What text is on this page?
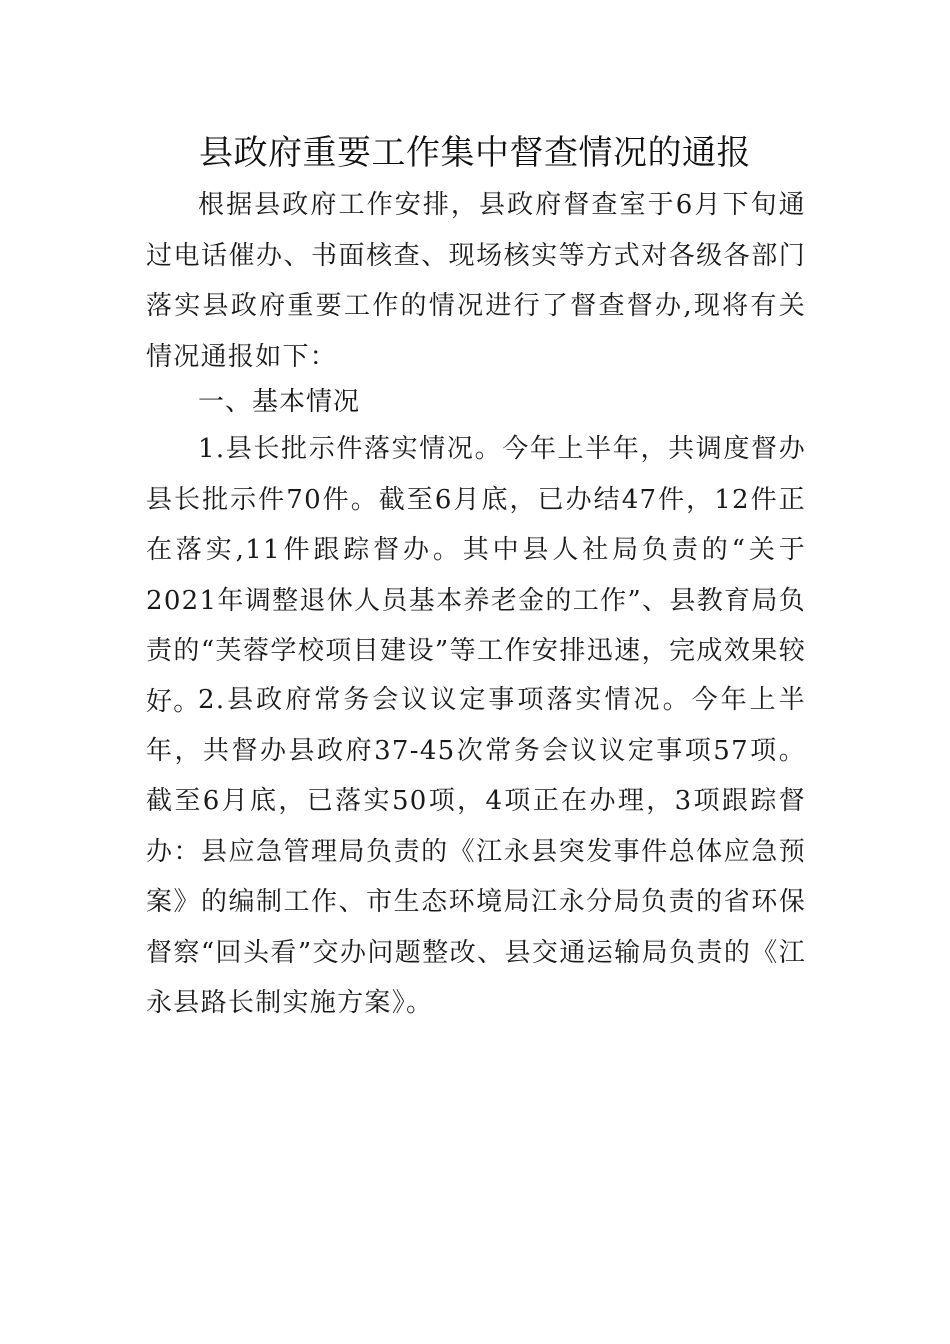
县政府重要工作集中督查情况的通报

根据县政府工作安排，县政府督查室于6月下旬通过电话催办、书面核查、现场核实等方式对各级各部门落实县政府重要工作的情况进行了督查督办,现将有关情况通报如下：

一、基本情况

1.县长批示件落实情况。今年上半年，共调度督办县长批示件70件。截至6月底，已办结47件，12件正在落实,11件跟踪督办。其中县人社局负责的“关于2021年调整退休人员基本养老金的工作”、县教育局负责的“芙蓉学校项目建设”等工作安排迅速，完成效果较好。

2.县政府常务会议议定事项落实情况。今年上半年，共督办县政府37-45次常务会议议定事项57项。截至6月底，已落实50项，4项正在办理，3项跟踪督办：县应急管理局负责的《江永县突发事件总体应急预案》的编制工作、市生态环境局江永分局负责的省环保督察“回头看”交办问题整改、县交通运输局负责的《江永县路长制实施方案》。
